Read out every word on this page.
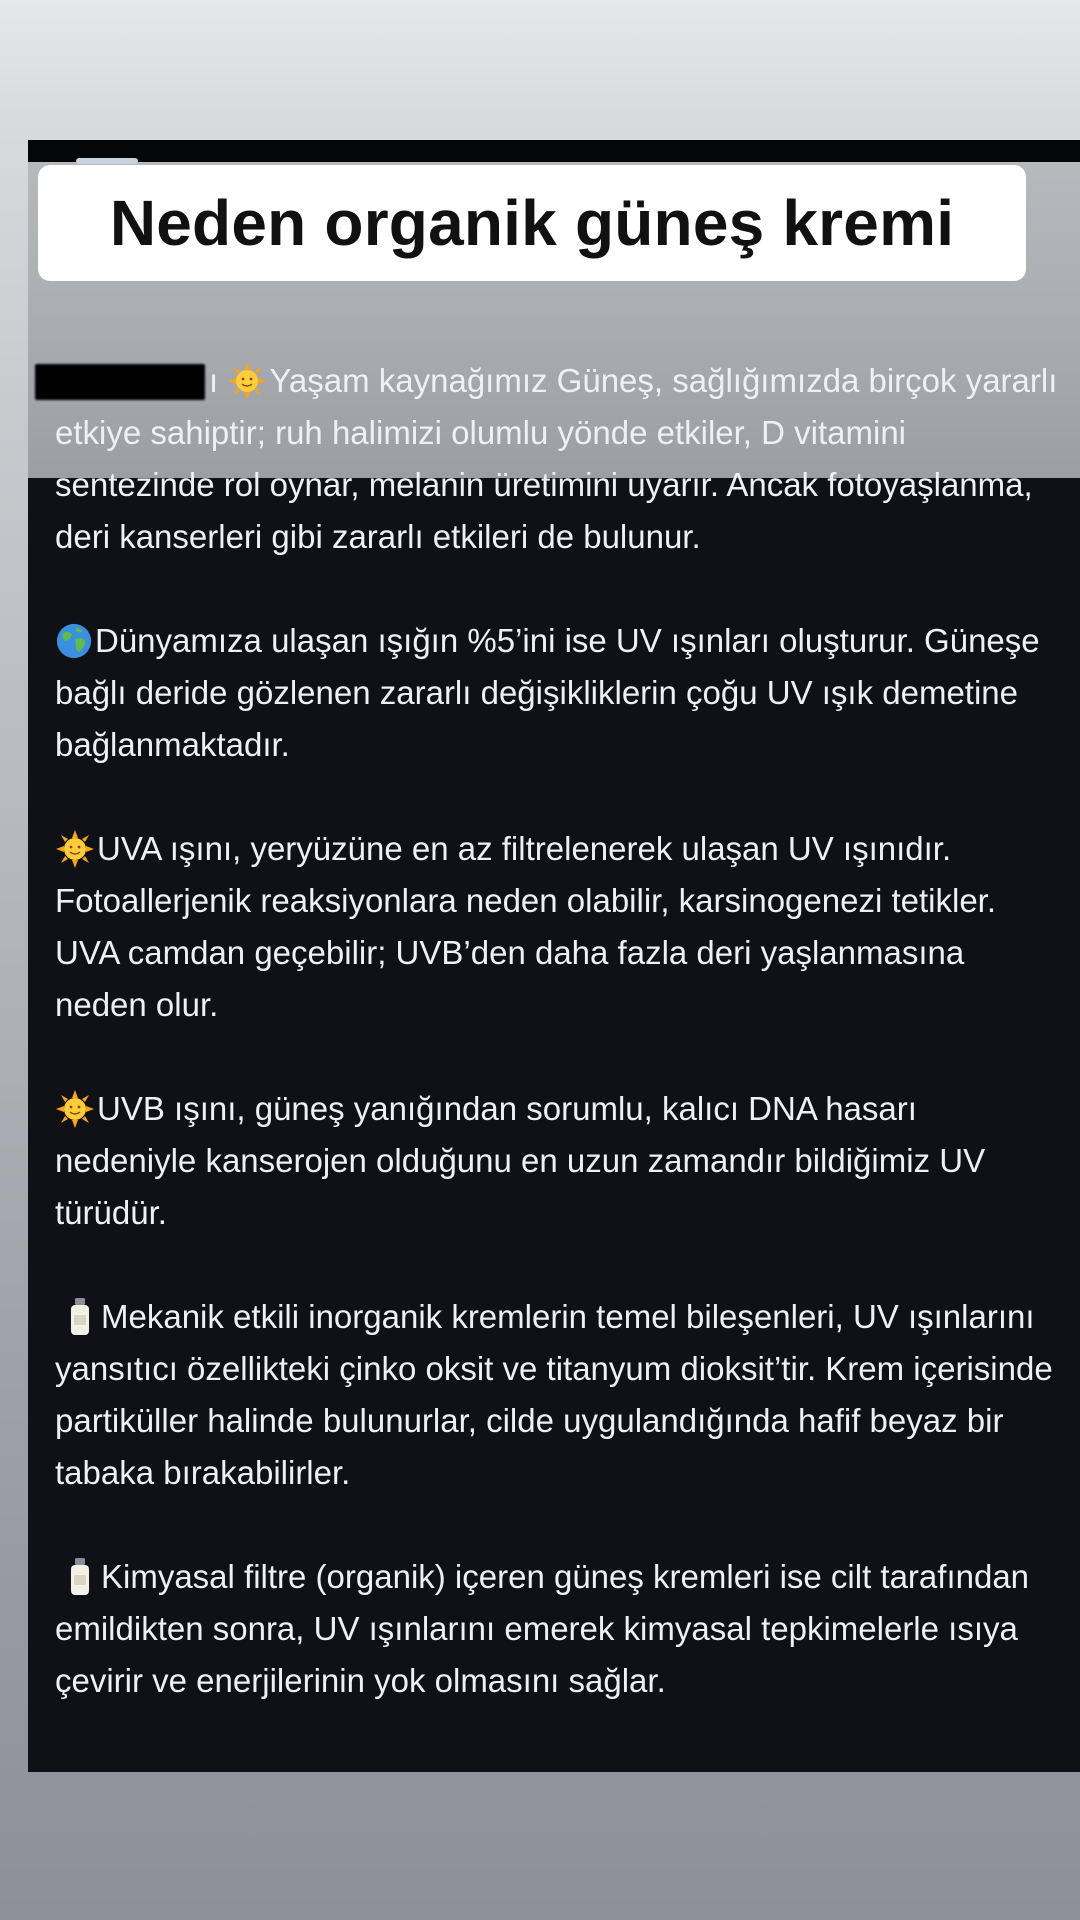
Neden organik güneş kremi

ı Yaşam kaynağımız Güneş, sağlığımızda birçok yararlı etkiye sahiptir; ruh halimizi olumlu yönde etkiler, D vitamini sentezinde rol oynar, melanin üretimini uyarır. Ancak fotoyaşlanma, deri kanserleri gibi zararlı etkileri de bulunur.

Dünyamıza ulaşan ışığın %5’ini ise UV ışınları oluşturur. Güneşe bağlı deride gözlenen zararlı değişikliklerin çoğu UV ışık demetine bağlanmaktadır.

UVA ışını, yeryüzüne en az filtrelenerek ulaşan UV ışınıdır. Fotoallerjenik reaksiyonlara neden olabilir, karsinogenezi tetikler. UVA camdan geçebilir; UVB’den daha fazla deri yaşlanmasına neden olur.

UVB ışını, güneş yanığından sorumlu, kalıcı DNA hasarı nedeniyle kanserojen olduğunu en uzun zamandır bildiğimiz UV türüdür.

Mekanik etkili inorganik kremlerin temel bileşenleri, UV ışınlarını yansıtıcı özellikteki çinko oksit ve titanyum dioksit’tir. Krem içerisinde partiküller halinde bulunurlar, cilde uygulandığında hafif beyaz bir tabaka bırakabilirler.

Kimyasal filtre (organik) içeren güneş kremleri ise cilt tarafından emildikten sonra, UV ışınlarını emerek kimyasal tepkimelerle ısıya çevirir ve enerjilerinin yok olmasını sağlar.
